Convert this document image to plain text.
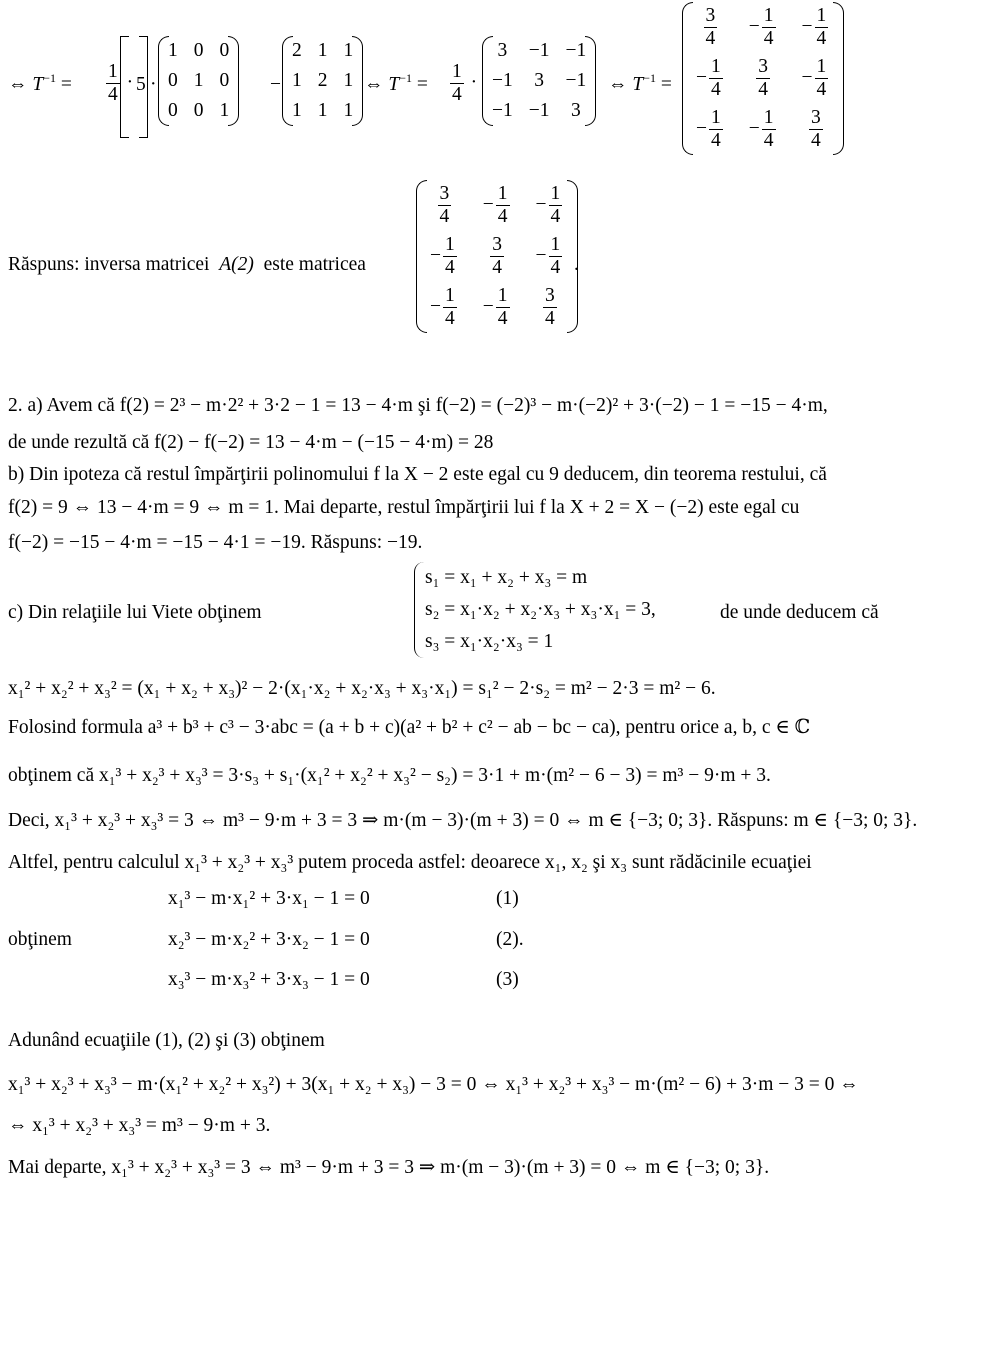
⇔ $T^{-1} = \frac{1}{4} \cdot 5$ ·
1	0	0
0	1	0
0	0	1
−
2	1	1
1	2	1
1	1	1
⇔ $T^{-1} = \frac{1}{4}$ ·
3	−1	−1
−1	3	−1
−1	−1	3
⇔ $T^{-1}$ =
$\frac{3}{4}$	− $\frac{1}{4}$	− $\frac{1}{4}$

− $\frac{1}{4}$	$\frac{3}{4}$	− $\frac{1}{4}$

− $\frac{1}{4}$	− $\frac{1}{4}$	$\frac{3}{4}$
Răspuns: inversa matricei A(2) este matricea
$\frac{3}{4}$	− $\frac{1}{4}$	− $\frac{1}{4}$

− $\frac{1}{4}$	$\frac{3}{4}$	− $\frac{1}{4}$

− $\frac{1}{4}$	− $\frac{1}{4}$	$\frac{3}{4}$
.
2. a) Avem că f(2) = 2³ − m·2² + 3·2 − 1 = 13 − 4·m şi f(−2) = (−2)³ − m·(−2)² + 3·(−2) − 1 = −15 − 4·m,
de unde rezultă că f(2) − f(−2) = 13 − 4·m − (−15 − 4·m) = 28
b) Din ipoteza că restul împărţirii polinomului f la X − 2 este egal cu 9 deducem, din teorema restului, că
f(2) = 9 ⇔ 13 − 4·m = 9 ⇔ m = 1. Mai departe, restul împărţirii lui f la X + 2 = X − (−2) este egal cu
f(−2) = −15 − 4·m = −15 − 4·1 = −19. Răspuns: −19.
c) Din relaţiile lui Viete obţinem
s₁ = x₁ + x₂ + x₃ = m
s₂ = x₁·x₂ + x₂·x₃ + x₃·x₁ = 3,
s₃ = x₁·x₂·x₃ = 1
de unde deducem că
x₁² + x₂² + x₃² = (x₁ + x₂ + x₃)² − 2·(x₁·x₂ + x₂·x₃ + x₃·x₁) = s₁² − 2·s₂ = m² − 2·3 = m² − 6.
Folosind formula a³ + b³ + c³ − 3·abc = (a + b + c)(a² + b² + c² − ab − bc − ca), pentru orice a, b, c ∈ ℂ
obţinem că x₁³ + x₂³ + x₃³ = 3·s₃ + s₁·(x₁² + x₂² + x₃² − s₂) = 3·1 + m·(m² − 6 − 3) = m³ − 9·m + 3.
Deci, x₁³ + x₂³ + x₃³ = 3 ⇔ m³ − 9·m + 3 = 3 ⇒ m·(m − 3)·(m + 3) = 0 ⇔ m ∈ {−3; 0; 3}. Răspuns: m ∈ {−3; 0; 3}.
Altfel, pentru calculul x₁³ + x₂³ + x₃³ putem proceda astfel: deoarece x₁, x₂ şi x₃ sunt rădăcinile ecuaţiei
x₁³ − m·x₁² + 3·x₁ − 1 = 0	(1)
obţinem	x₂³ − m·x₂² + 3·x₂ − 1 = 0	(2).
x₃³ − m·x₃² + 3·x₃ − 1 = 0	(3)
Adunând ecuaţiile (1), (2) şi (3) obţinem
x₁³ + x₂³ + x₃³ − m·(x₁² + x₂² + x₃²) + 3(x₁ + x₂ + x₃) − 3 = 0 ⇔ x₁³ + x₂³ + x₃³ − m·(m² − 6) + 3·m − 3 = 0 ⇔
⇔ x₁³ + x₂³ + x₃³ = m³ − 9·m + 3.
Mai departe, x₁³ + x₂³ + x₃³ = 3 ⇔ m³ − 9·m + 3 = 3 ⇒ m·(m − 3)·(m + 3) = 0 ⇔ m ∈ {−3; 0; 3}.
